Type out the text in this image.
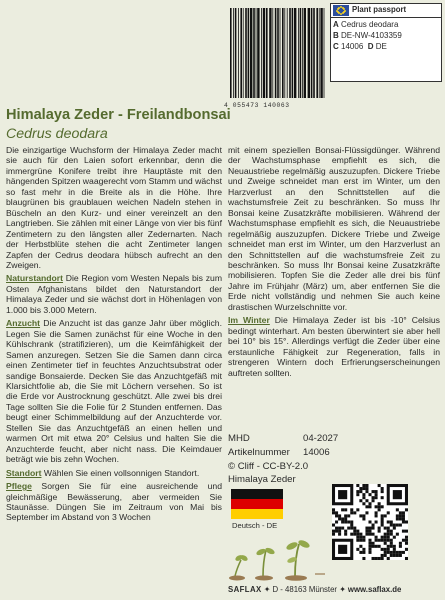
4 055473 140063
Plant passport
A Cedrus deodara
B DE-NW-4103359
C 14006 D DE
Himalaya Zeder - Freilandbonsai
Cedrus deodara

Die einzigartige Wuchsform der Himalaya Zeder macht sie auch für den Laien sofort erkennbar, denn die immergrüne Konifere treibt ihre Hauptäste mit den hängenden Spitzen waagerecht vom Stamm und wächst so fast mehr in die Breite als in die Höhe. Ihre blaugrünen bis graublauen weichen Nadeln stehen in Büscheln an den Kurz- und einer vereinzelt an den Langtrieben. Sie zählen mit einer Länge von vier bis fünf Zentimetern zu den längsten aller Zedernarten. Nach der Herbstblüte stehen die acht Zentimeter langen Zapfen der Cedrus deodara hübsch aufrecht an den Zweigen.

Naturstandort Die Region vom Westen Nepals bis zum Osten Afghanistans bildet den Naturstandort der Himalaya Zeder und sie wächst dort in Höhenlagen von 1.000 bis 3.000 Metern.

Anzucht Die Anzucht ist das ganze Jahr über möglich. Legen Sie die Samen zunächst für eine Woche in den Kühlschrank (stratifizieren), um die Keimfähigkeit der Samen anzuregen. Setzen Sie die Samen dann circa einen Zentimeter tief in feuchtes Anzuchtsubstrat oder sandige Bonsaierde. Decken Sie das Anzuchtgefäß mit Klarsichtfolie ab, die Sie mit Löchern versehen. So ist die Erde vor Austrocknung geschützt. Alle zwei bis drei Tage sollten Sie die Folie für 2 Stunden entfernen. Das beugt einer Schimmelbildung auf der Anzuchterde vor. Stellen Sie das Anzuchtgefäß an einen hellen und warmen Ort mit etwa 20° Celsius und halten Sie die Anzuchterde feucht, aber nicht nass. Die Keimdauer beträgt wie bis zehn Wochen.

Standort Wählen Sie einen vollsonnigen Standort.

Pflege Sorgen Sie für eine ausreichende und gleichmäßige Bewässerung, aber vermeiden Sie Staunässe. Düngen Sie im Zeitraum von Mai bis September im Abstand von 3 Wochen

mit einem speziellen Bonsai-Flüssigdünger. Während der Wachstumsphase empfiehlt es sich, die Neuaustriebe regelmäßig auszuzupfen. Dickere Triebe und Zweige schneidet man erst im Winter, um den Harzverlust an den Schnittstellen auf die wachstumsfreie Zeit zu beschränken. So muss Ihr Bonsai keine Zusatzkräfte mobilisieren. Während der Wachstumsphase empfiehlt es sich, die Neuaustriebe regelmäßig auszuzupfen. Dickere Triebe und Zweige schneidet man erst im Winter, um den Harzverlust an den Schnittstellen auf die wachstumsfreie Zeit zu beschränken. So muss Ihr Bonsai keine Zusatzkräfte mobilisieren. Topfen Sie die Zeder alle drei bis fünf Jahre im Frühjahr (März) um, aber entfernen Sie die Erde nicht vollständig und nehmen Sie auch keine drastischen Wurzelschnitte vor.

Im Winter Die Himalaya Zeder ist bis -10° Celsius bedingt winterhart. Am besten überwintert sie aber hell bei 10° bis 15°. Allerdings verfügt die Zeder über eine erstaunliche Fähigkeit zur Regeneration, falls in strengeren Wintern doch Erfrierungserscheinungen auftreten sollten.

MHD	04-2027
Artikelnummer 14006
© Cliff - CC-BY-2.0
Himalaya Zeder
Deutsch - DE
SAFLAX ✦ D - 48163 Münster ✦ www.saflax.de
